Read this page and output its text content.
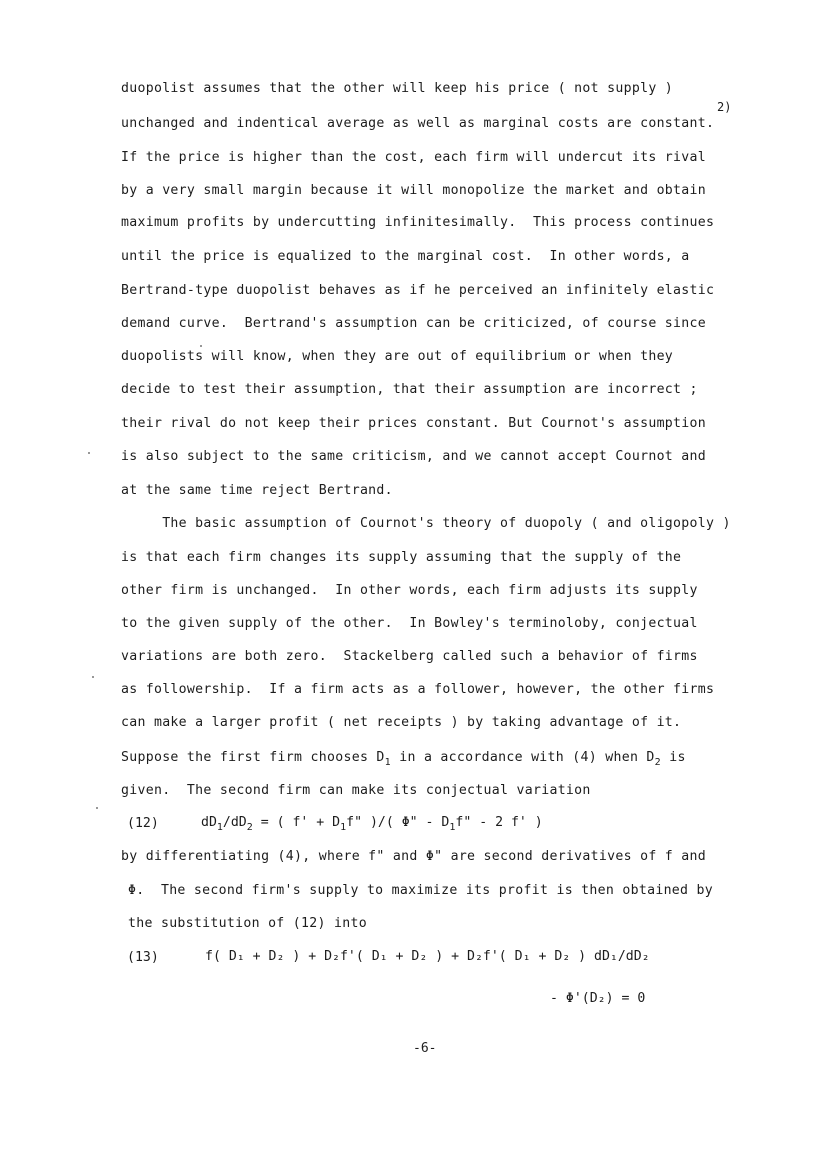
duopolist assumes that the other will keep his price ( not supply )
unchanged and indentical average as well as marginal costs are constant.
2)
If the price is higher than the cost, each firm will undercut its rival
by a very small margin because it will monopolize the market and obtain
maximum profits by undercutting infinitesimally.  This process continues
until the price is equalized to the marginal cost.  In other words, a
Bertrand-type duopolist behaves as if he perceived an infinitely elastic
demand curve.  Bertrand's assumption can be criticized, of course since
duopolists will know, when they are out of equilibrium or when they
decide to test their assumption, that their assumption are incorrect ;
their rival do not keep their prices constant. But Cournot's assumption
is also subject to the same criticism, and we cannot accept Cournot and
at the same time reject Bertrand.
The basic assumption of Cournot's theory of duopoly ( and oligopoly )
is that each firm changes its supply assuming that the supply of the
other firm is unchanged.  In other words, each firm adjusts its supply
to the given supply of the other.  In Bowley's terminoloby, conjectual
variations are both zero.  Stackelberg called such a behavior of firms
as followership.  If a firm acts as a follower, however, the other firms
can make a larger profit ( net receipts ) by taking advantage of it.
Suppose the first firm chooses $D_1$ in a accordance with (4) when $D_2$ is
given.  The second firm can make its conjectual variation
(12)	$dD_1/dD_2$ = ( $f' + D_1f$" )/( Φ" - $D_1f$" - 2 f' )
by differentiating (4), where f" and Φ" are second derivatives of f and
Φ.  The second firm's supply to maximize its profit is then obtained by
the substitution of (12) into
(13)	f( D₁ + D₂ ) + D₂f'( D₁ + D₂ ) + D₂f'( D₁ + D₂ ) dD₁/dD₂
- Φ'(D₂) = 0
-6-
